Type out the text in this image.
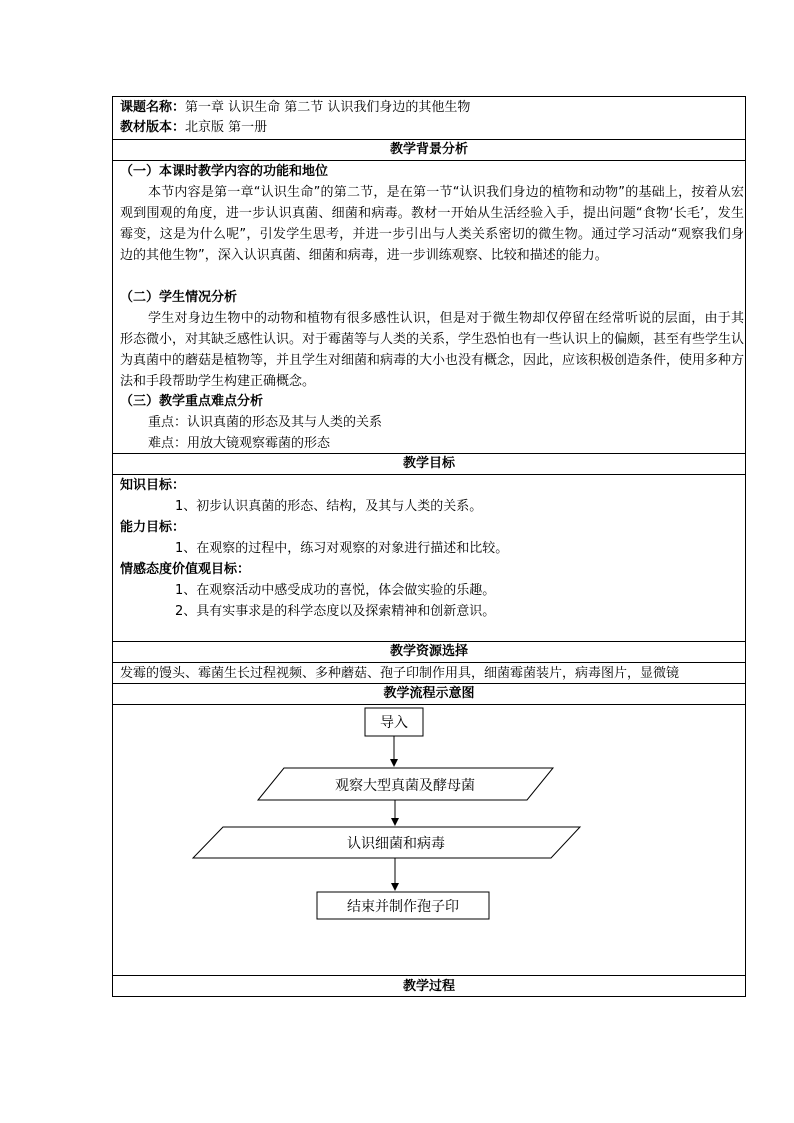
课题名称：第一章 认识生命 第二节 认识我们身边的其他生物
教材版本：北京版 第一册
教学背景分析
（一）本课时教学内容的功能和地位
本节内容是第一章“认识生命”的第二节，是在第一节“认识我们身边的植物和动物”的基础上，按着从宏观到围观的角度，进一步认识真菌、细菌和病毒。教材一开始从生活经验入手，提出问题“食物‘长毛’，发生霉变，这是为什么呢”，引发学生思考，并进一步引出与人类关系密切的微生物。通过学习活动“观察我们身边的其他生物”，深入认识真菌、细菌和病毒，进一步训练观察、比较和描述的能力。
（二）学生情况分析
学生对身边生物中的动物和植物有很多感性认识，但是对于微生物却仅停留在经常听说的层面，由于其形态微小，对其缺乏感性认识。对于霉菌等与人类的关系，学生恐怕也有一些认识上的偏颇，甚至有些学生认为真菌中的蘑菇是植物等，并且学生对细菌和病毒的大小也没有概念，因此，应该积极创造条件，使用多种方法和手段帮助学生构建正确概念。
（三）教学重点难点分析
重点：认识真菌的形态及其与人类的关系
难点：用放大镜观察霉菌的形态
教学目标
知识目标：
1、初步认识真菌的形态、结构，及其与人类的关系。
能力目标：
1、在观察的过程中，练习对观察的对象进行描述和比较。
情感态度价值观目标：
1、在观察活动中感受成功的喜悦，体会做实验的乐趣。
2、具有实事求是的科学态度以及探索精神和创新意识。
教学资源选择
发霉的馒头、霉菌生长过程视频、多种蘑菇、孢子印制作用具，细菌霉菌装片，病毒图片，显微镜
教学流程示意图
导入
观察大型真菌及酵母菌
认识细菌和病毒
结束并制作孢子印
教学过程
